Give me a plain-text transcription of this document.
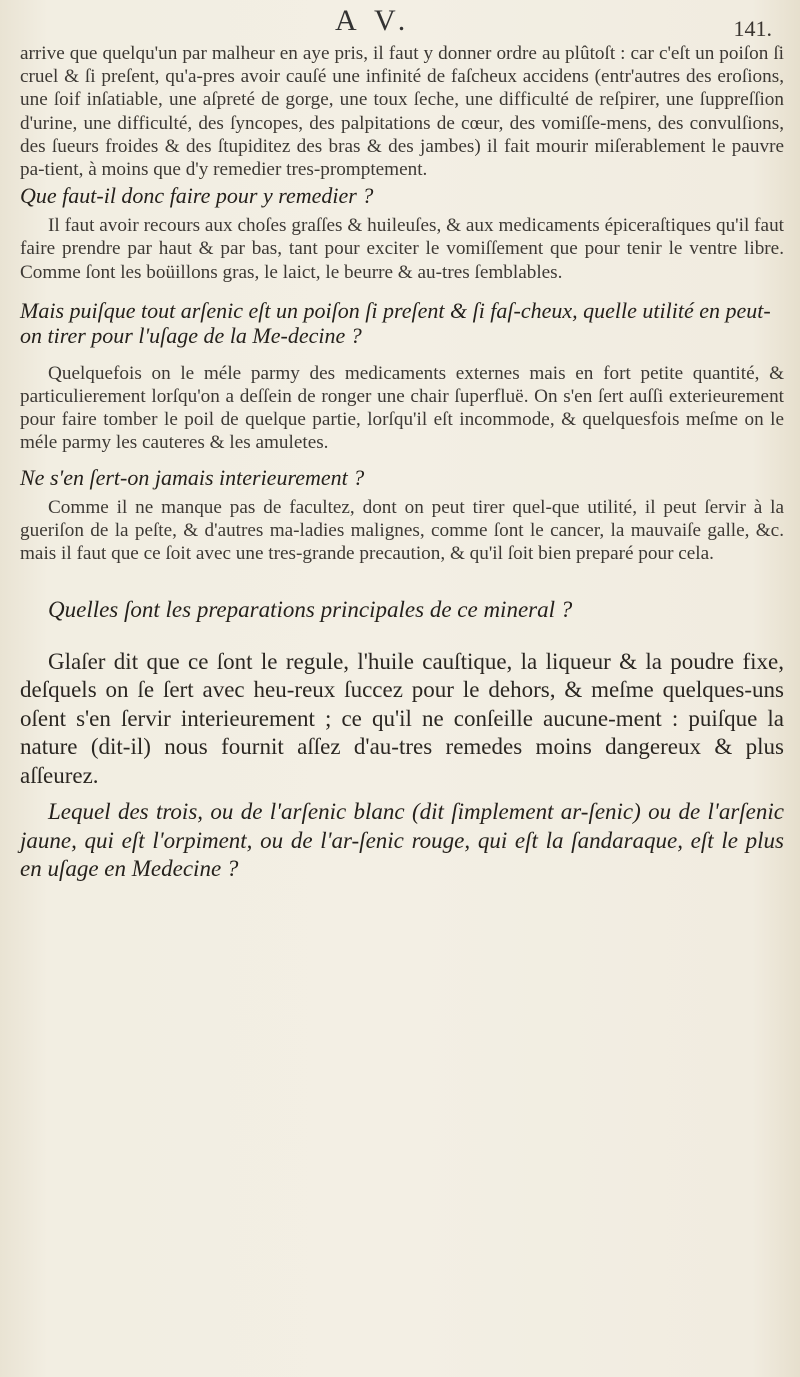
A V.	141.

arrive que quelqu'un par malheur en aye pris, il faut y donner ordre au plûtoſt : car c'eſt un poiſon ſi cruel & ſi preſent, qu'a-pres avoir cauſé une infinité de faſcheux accidens (entr'autres des eroſions, une ſoif inſatiable, une aſpreté de gorge, une toux ſeche, une difficulté de reſpirer, une ſuppreſſion d'urine, une difficulté, des ſyncopes, des palpitations de cœur, des vomiſſe-mens, des convulſions, des ſueurs froides & des ſtupiditez des bras & des jambes) il fait mourir miſerablement le pauvre pa-tient, à moins que d'y remedier tres-promptement.

Que faut-il donc faire pour y remedier ?

Il faut avoir recours aux choſes graſſes & huileuſes, & aux medicaments épiceraſtiques qu'il faut faire prendre par haut & par bas, tant pour exciter le vomiſſement que pour tenir le ventre libre. Comme ſont les boüillons gras, le laict, le beurre & au-tres ſemblables.

Mais puiſque tout arſenic eſt un poiſon ſi preſent & ſi faſ-cheux, quelle utilité en peut-on tirer pour l'uſage de la Me-decine ?

Quelquefois on le méle parmy des medicaments externes mais en fort petite quantité, & particulierement lorſqu'on a deſſein de ronger une chair ſuperfluë. On s'en ſert auſſi exterieurement pour faire tomber le poil de quelque partie, lorſqu'il eſt incommode, & quelquesfois meſme on le méle parmy les cauteres & les amuletes.

Ne s'en ſert-on jamais interieurement ?

Comme il ne manque pas de facultez, dont on peut tirer quel-que utilité, il peut ſervir à la gueriſon de la peſte, & d'autres ma-ladies malignes, comme ſont le cancer, la mauvaiſe galle, &c. mais il faut que ce ſoit avec une tres-grande precaution, & qu'il ſoit bien preparé pour cela.

Quelles ſont les preparations principales de ce mineral ?

Glaſer dit que ce ſont le regule, l'huile cauſtique, la liqueur & la poudre fixe, deſquels on ſe ſert avec heu-reux ſuccez pour le dehors, & meſme quelques-uns oſent s'en ſervir interieurement ; ce qu'il ne conſeille aucune-ment : puiſque la nature (dit-il) nous fournit aſſez d'au-tres remedes moins dangereux & plus aſſeurez.

Lequel des trois, ou de l'arſenic blanc (dit ſimplement ar-ſenic) ou de l'arſenic jaune, qui eſt l'orpiment, ou de l'ar-ſenic rouge, qui eſt la ſandaraque, eſt le plus en uſage en Medecine ?
